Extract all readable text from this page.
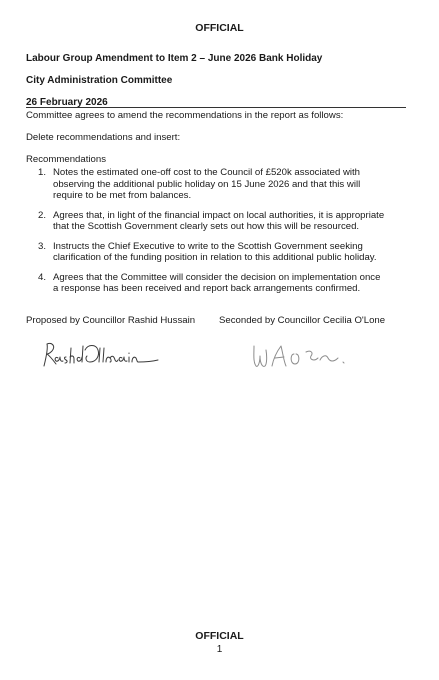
OFFICIAL
Labour Group Amendment to Item 2 – June 2026 Bank Holiday
City Administration Committee
26 February 2026
Committee agrees to amend the recommendations in the report as follows:
Delete recommendations and insert:
Recommendations
1. Notes the estimated one-off cost to the Council of £520k associated with
observing the additional public holiday on 15 June 2026 and that this will
require to be met from balances.
2. Agrees that, in light of the financial impact on local authorities, it is appropriate
that the Scottish Government clearly sets out how this will be resourced.
3. Instructs the Chief Executive to write to the Scottish Government seeking
clarification of the funding position in relation to this additional public holiday.
4. Agrees that the Committee will consider the decision on implementation once
a response has been received and report back arrangements confirmed.
Proposed by Councillor Rashid Hussain Seconded by Councillor Cecilia O'Lone
OFFICIAL
1
